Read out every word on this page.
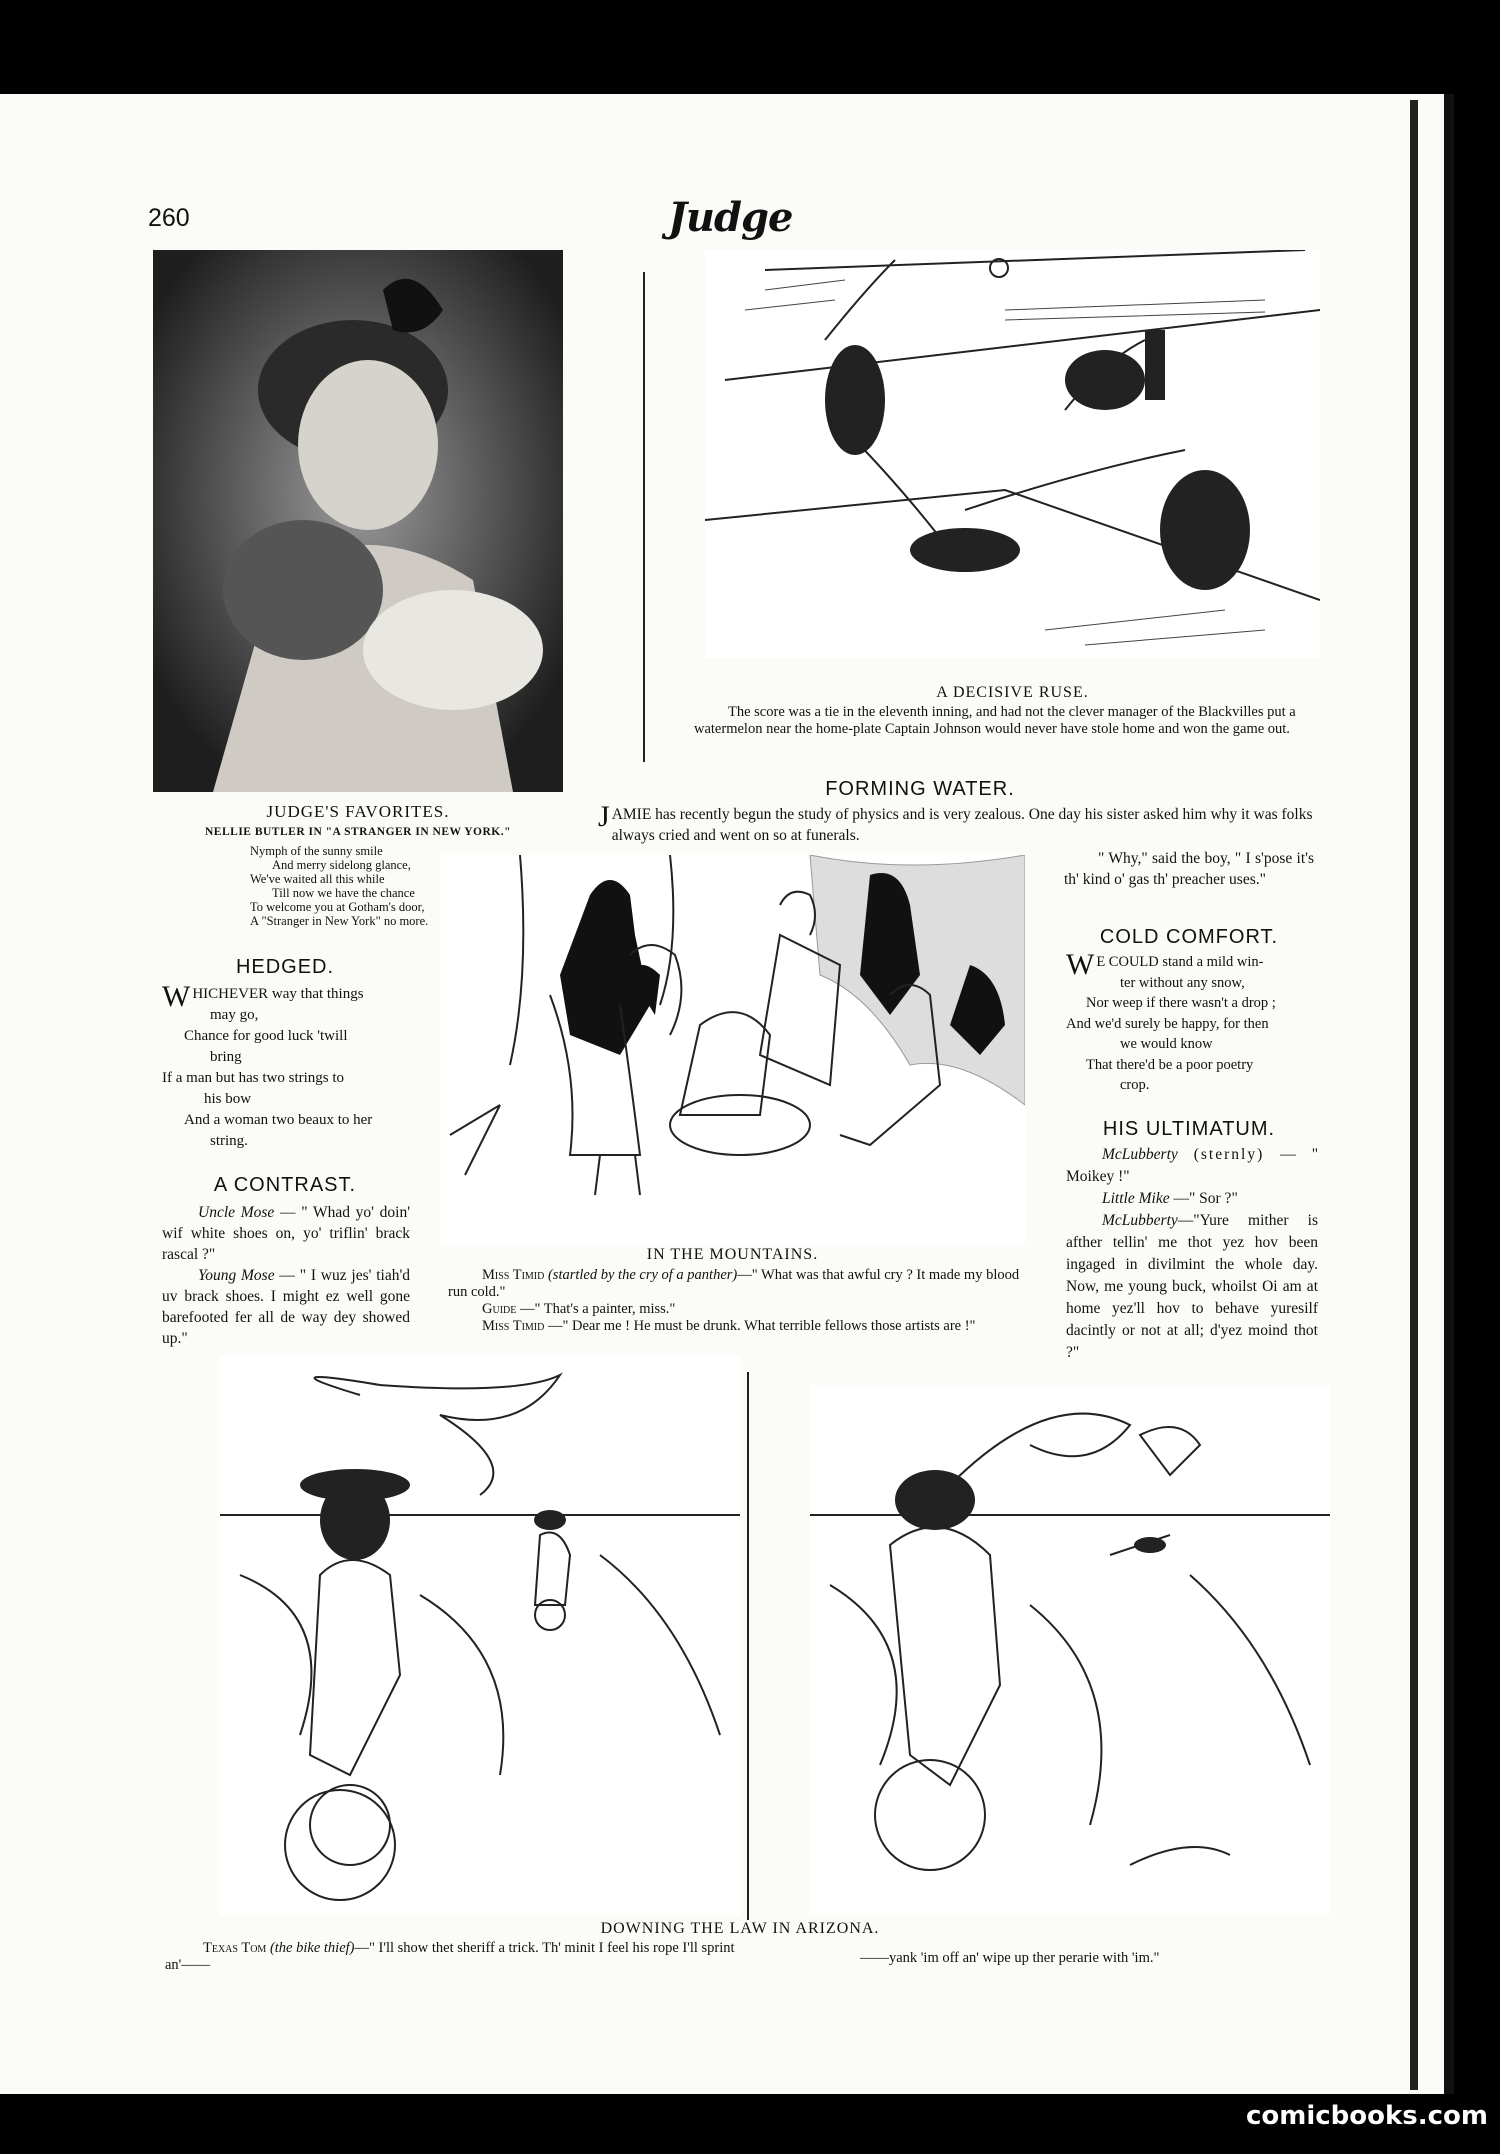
comicbooks.com
260	Judge
JUDGE'S FAVORITES.
NELLIE BUTLER IN "A STRANGER IN NEW YORK."
Nymph of the sunny smile
And merry sidelong glance,
We've waited all this while
Till now we have the chance
To welcome you at Gotham's door,
A "Stranger in New York" no more.
A DECISIVE RUSE.
The score was a tie in the eleventh inning, and had not the clever manager of the Blackvilles put a watermelon near the home-plate Captain Johnson would never have stole home and won the game out.
FORMING WATER.
JAMIE has recently begun the study of physics and is very zealous. One day his sister asked him why it was folks always cried and went on so at funerals.
" Why," said the boy, " I s'pose it's th' kind o' gas th' preacher uses."
HEDGED.
W HICHEVER way that things
may go,
Chance for good luck 'twill
bring
If a man but has two strings to
his bow
And a woman two beaux to her
string.
A CONTRAST.
Uncle Mose — " Whad yo' doin' wif white shoes on, yo' triflin' brack rascal ?"
Young Mose — " I wuz jes' tiah'd uv brack shoes. I might ez well gone barefooted fer all de way dey showed up."
IN THE MOUNTAINS.
Miss Timid (startled by the cry of a panther)—" What was that awful cry ? It made my blood run cold."
Guide —" That's a painter, miss."
Miss Timid —" Dear me ! He must be drunk. What terrible fellows those artists are !"
COLD COMFORT.
W E COULD stand a mild win-
ter without any snow,
Nor weep if there wasn't a drop ;
And we'd surely be happy, for then
we would know
That there'd be a poor poetry
crop.
HIS ULTIMATUM.
McLubberty (sternly) — " Moikey !"
Little Mike —" Sor ?"
McLubberty—"Yure mither is afther tellin' me thot yez hov been ingaged in divilmint the whole day. Now, me young buck, whoilst Oi am at home yez'll hov to behave yuresilf dacintly or not at all; d'yez moind thot ?"
DOWNING THE LAW IN ARIZONA.
Texas Tom (the bike thief)—" I'll show thet sheriff a trick. Th' minit I feel his rope I'll sprint an'——	——yank 'im off an' wipe up ther perarie with 'im."
